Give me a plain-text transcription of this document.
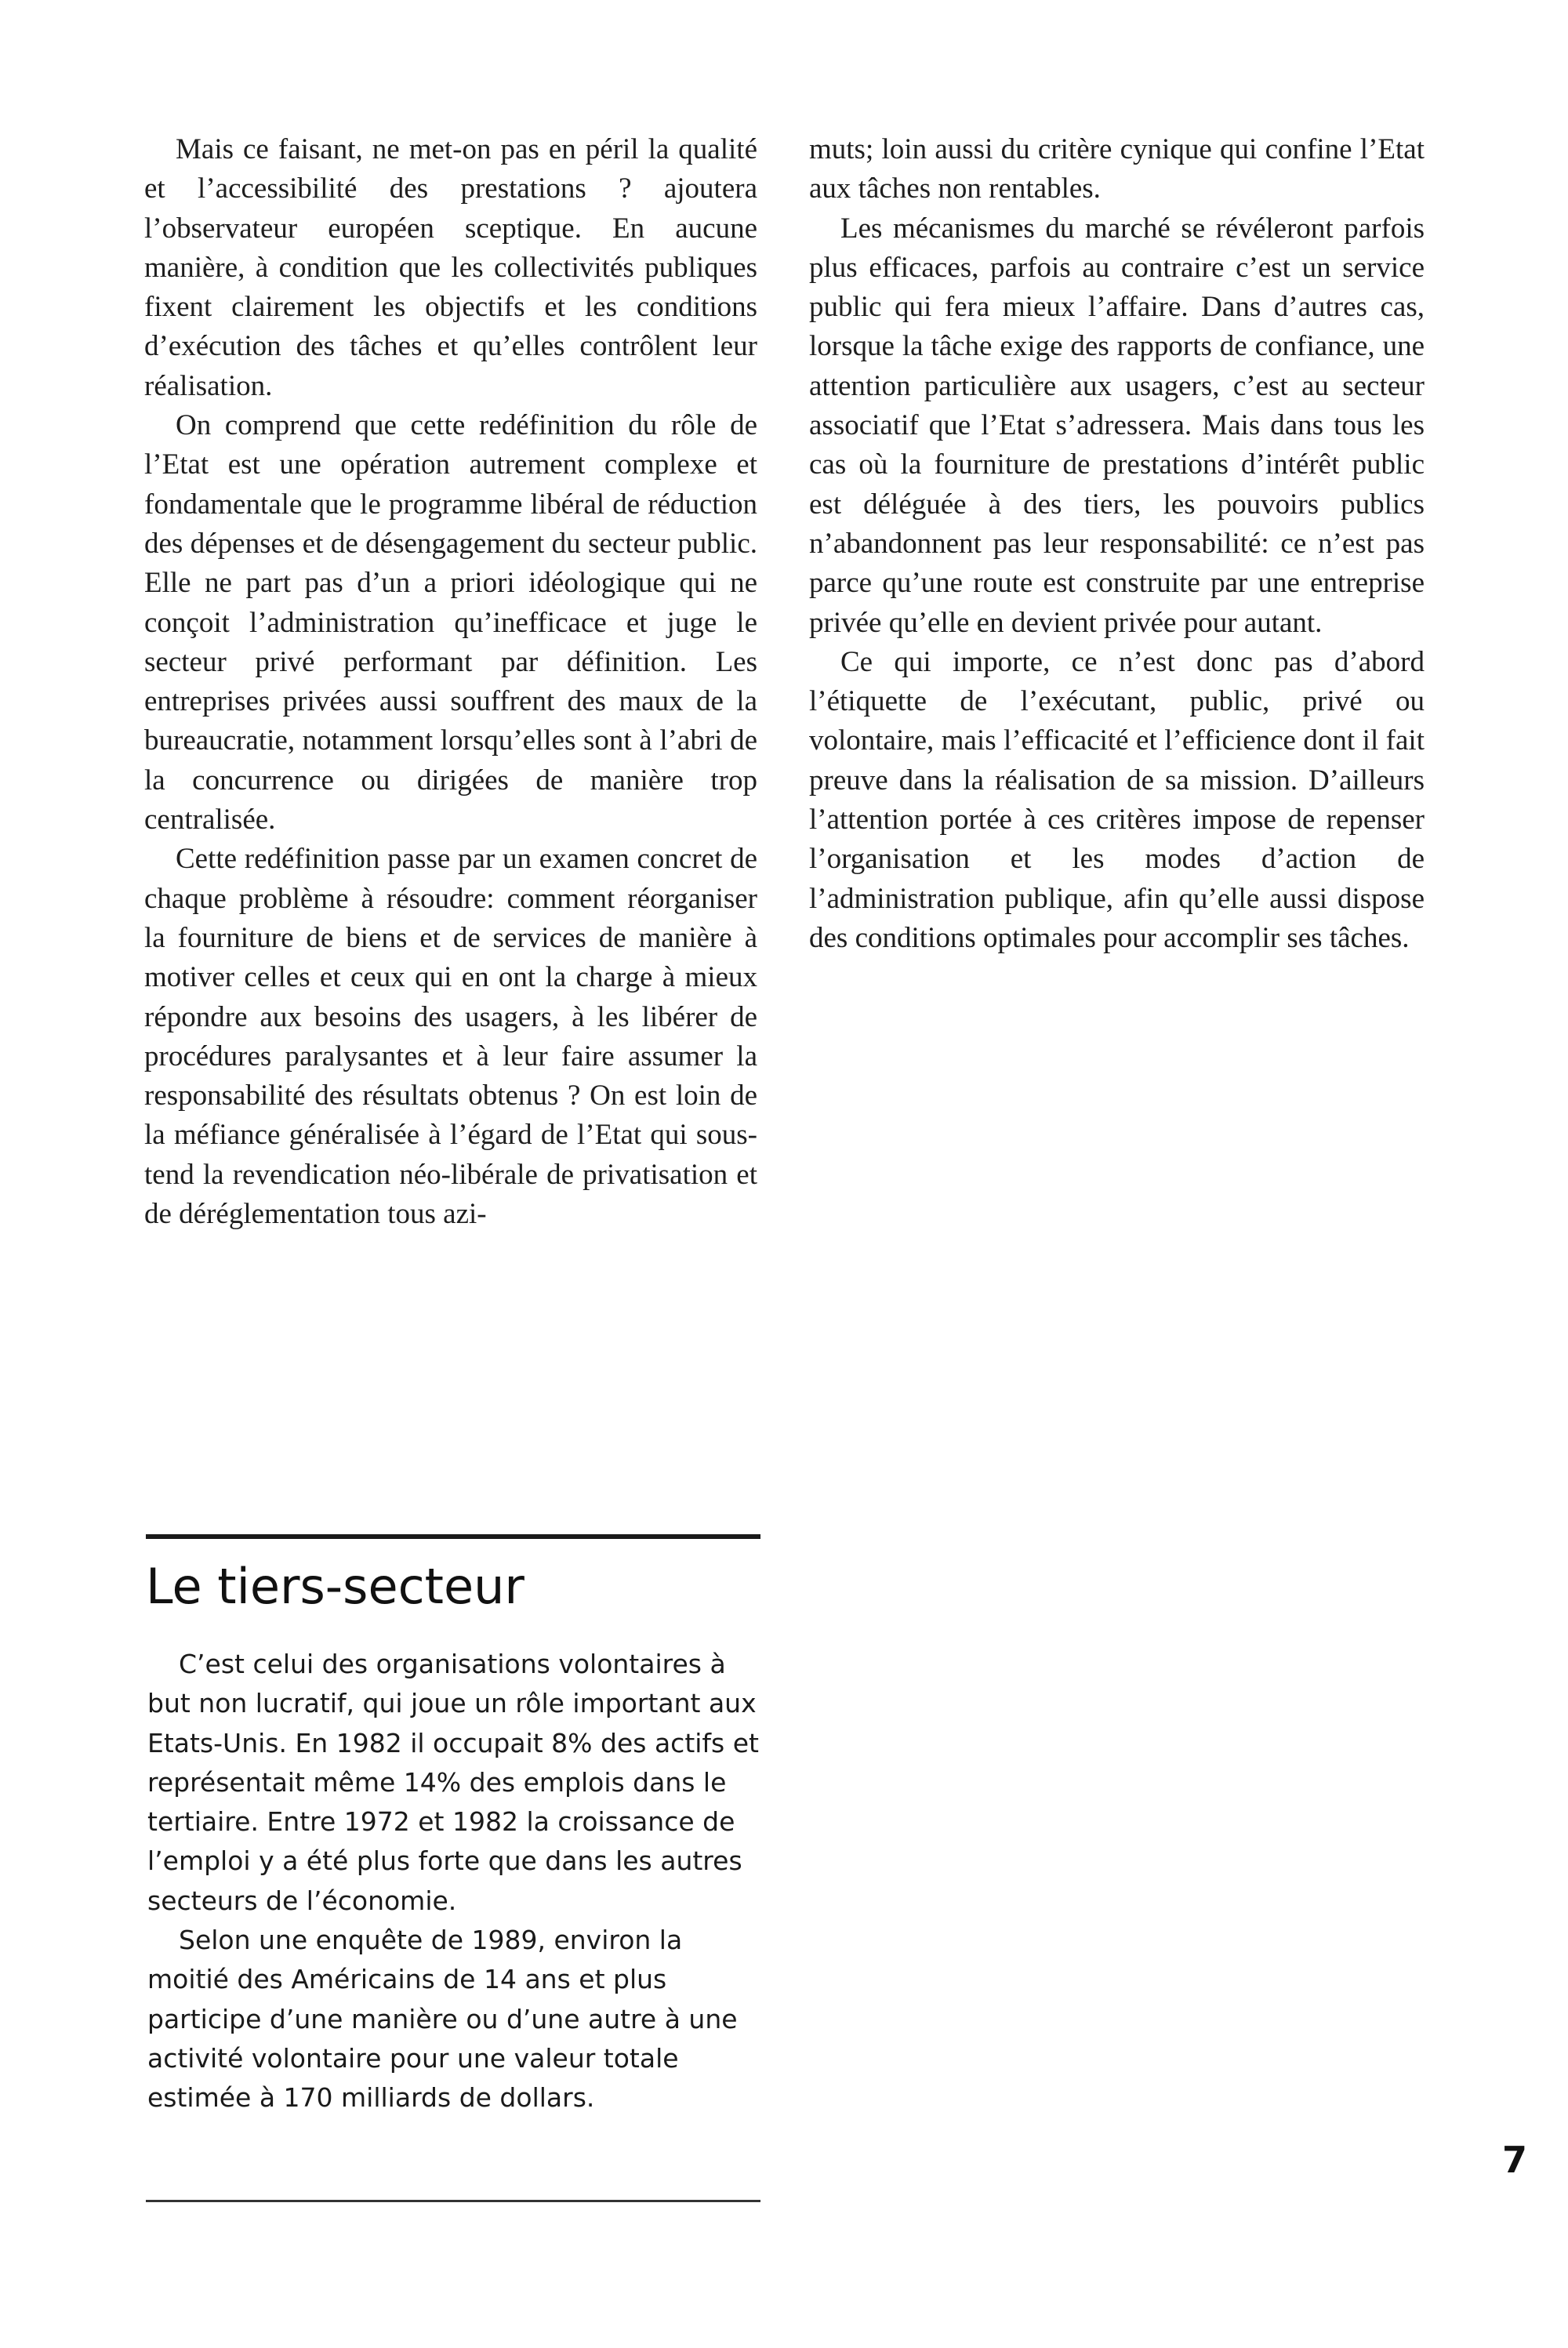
Mais ce faisant, ne met-on pas en péril la qualité et l’accessibilité des prestations ? ajoutera l’observateur européen sceptique. En aucune manière, à condition que les collectivités publiques fixent clairement les objectifs et les conditions d’exécution des tâches et qu’elles contrôlent leur réalisation.

On comprend que cette redéfinition du rôle de l’Etat est une opération autrement complexe et fondamentale que le programme libéral de réduction des dépenses et de désengagement du secteur public. Elle ne part pas d’un a priori idéologique qui ne conçoit l’administration qu’inefficace et juge le secteur privé performant par définition. Les entreprises privées aussi souffrent des maux de la bureaucratie, notamment lorsqu’elles sont à l’abri de la concurrence ou dirigées de manière trop centralisée.

Cette redéfinition passe par un examen concret de chaque problème à résoudre: comment réorganiser la fourniture de biens et de services de manière à motiver celles et ceux qui en ont la charge à mieux répondre aux besoins des usagers, à les libérer de procédures paralysantes et à leur faire assumer la responsabilité des résultats obtenus ? On est loin de la méfiance généralisée à l’égard de l’Etat qui sous-tend la revendication néo-libérale de privatisation et de déréglementation tous azi-

muts; loin aussi du critère cynique qui confine l’Etat aux tâches non rentables.

Les mécanismes du marché se révéleront parfois plus efficaces, parfois au contraire c’est un service public qui fera mieux l’affaire. Dans d’autres cas, lorsque la tâche exige des rapports de confiance, une attention particulière aux usagers, c’est au secteur associatif que l’Etat s’adressera. Mais dans tous les cas où la fourniture de prestations d’intérêt public est déléguée à des tiers, les pouvoirs publics n’abandonnent pas leur responsabilité: ce n’est pas parce qu’une route est construite par une entreprise privée qu’elle en devient privée pour autant.

Ce qui importe, ce n’est donc pas d’abord l’étiquette de l’exécutant, public, privé ou volontaire, mais l’efficacité et l’efficience dont il fait preuve dans la réalisation de sa mission. D’ailleurs l’attention portée à ces critères impose de repenser l’organisation et les modes d’action de l’administration publique, afin qu’elle aussi dispose des conditions optimales pour accomplir ses tâches.

Le tiers-secteur

C’est celui des organisations volontaires à but non lucratif, qui joue un rôle important aux Etats-Unis. En 1982 il occupait 8% des actifs et représentait même 14% des emplois dans le tertiaire. Entre 1972 et 1982 la croissance de l’emploi y a été plus forte que dans les autres secteurs de l’économie.

Selon une enquête de 1989, environ la moitié des Américains de 14 ans et plus participe d’une manière ou d’une autre à une activité volontaire pour une valeur totale estimée à 170 milliards de dollars.

7
